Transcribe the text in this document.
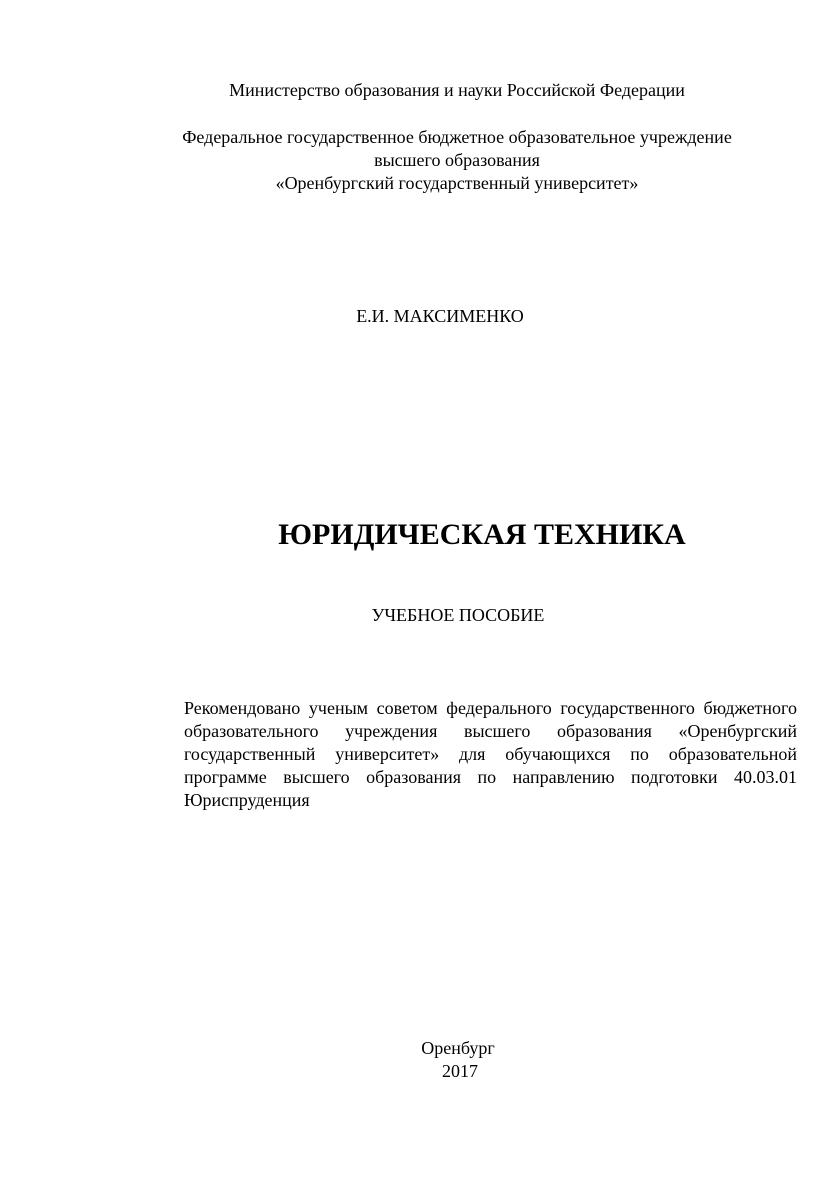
Министерство образования и науки Российской Федерации
Федеральное государственное бюджетное образовательное учреждение
высшего образования
«Оренбургский государственный университет»
Е.И. МАКСИМЕНКО
ЮРИДИЧЕСКАЯ ТЕХНИКА
УЧЕБНОЕ ПОСОБИЕ
Рекомендовано ученым советом федерального государственного бюджетного образовательного учреждения высшего образования «Оренбургский государственный университет» для обучающихся по образовательной программе высшего образования по направлению подготовки 40.03.01 Юриспруденция
Оренбург
2017
